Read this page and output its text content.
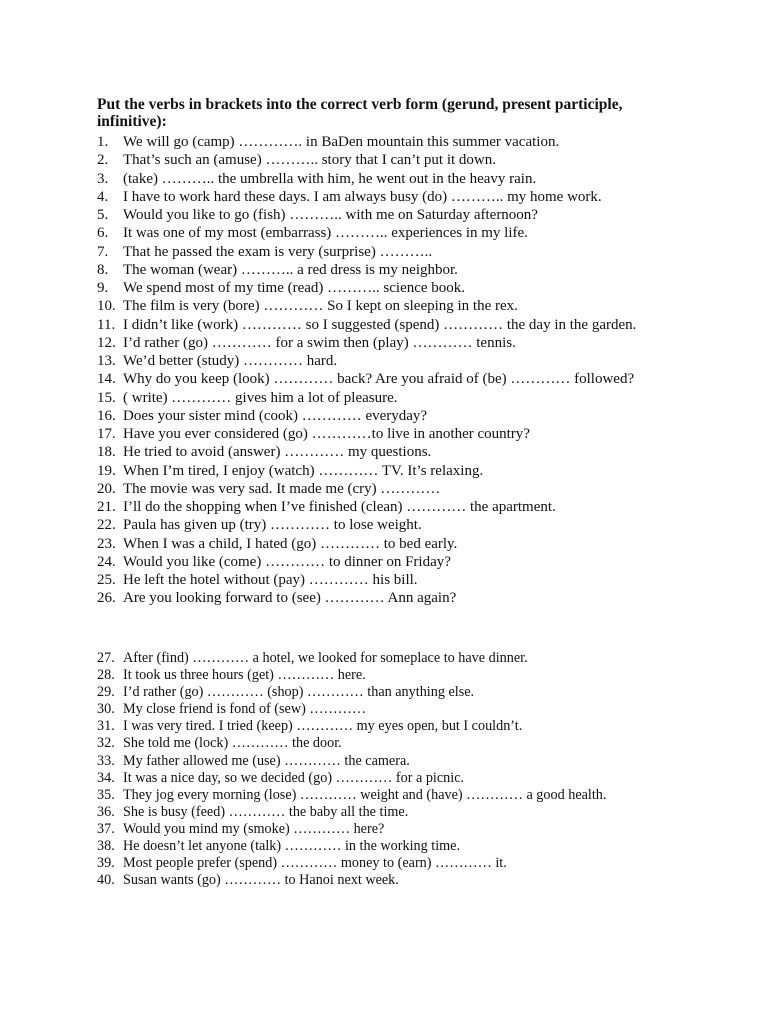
Put the verbs in brackets into the correct verb form (gerund, present participle, infinitive):

1. We will go (camp) …………. in BaDen mountain this summer vacation.
2. That’s such an (amuse) ……….. story that I can’t put it down.
3. (take) ……….. the umbrella with him, he went out in the heavy rain.
4. I have to work hard these days. I am always busy (do) ……….. my home work.
5. Would you like to go (fish) ……….. with me on Saturday afternoon?
6. It was one of my most (embarrass) ……….. experiences in my life.
7. That he passed the exam is very (surprise) ………..
8. The woman (wear) ……….. a red dress is my neighbor.
9. We spend most of my time (read) ……….. science book.
10. The film is very (bore) ………… So I kept on sleeping in the rex.
11. I didn’t like (work) ………… so I suggested (spend) ………… the day in the garden.
12. I’d rather (go) ………… for a swim then (play) ………… tennis.
13. We’d better (study) ………… hard.
14. Why do you keep (look) ………… back? Are you afraid of (be) ………… followed?
15. ( write) ………… gives him a lot of pleasure.
16. Does your sister mind (cook) ………… everyday?
17. Have you ever considered (go) …………to live in another country?
18. He tried to avoid (answer) ………… my questions.
19. When I’m tired, I enjoy (watch) ………… TV. It’s relaxing.
20. The movie was very sad. It made me (cry) …………
21. I’ll do the shopping when I’ve finished (clean) ………… the apartment.
22. Paula has given up (try) ………… to lose weight.
23. When I was a child, I hated (go) ………… to bed early.
24. Would you like (come) ………… to dinner on Friday?
25. He left the hotel without (pay) ………… his bill.
26. Are you looking forward to (see) ………… Ann again?
27. After (find) ………… a hotel, we looked for someplace to have dinner.
28. It took us three hours (get) ………… here.
29. I’d rather (go) ………… (shop) ………… than anything else.
30. My close friend is fond of (sew) …………
31. I was very tired. I tried (keep) ………… my eyes open, but I couldn’t.
32. She told me (lock) ………… the door.
33. My father allowed me (use) ………… the camera.
34. It was a nice day, so we decided (go) ………… for a picnic.
35. They jog every morning (lose) ………… weight and (have) ………… a good health.
36. She is busy (feed) ………… the baby all the time.
37. Would you mind my (smoke) ………… here?
38. He doesn’t let anyone (talk) ………… in the working time.
39. Most people prefer (spend) ………… money to (earn) ………… it.
40. Susan wants (go) ………… to Hanoi next week.
